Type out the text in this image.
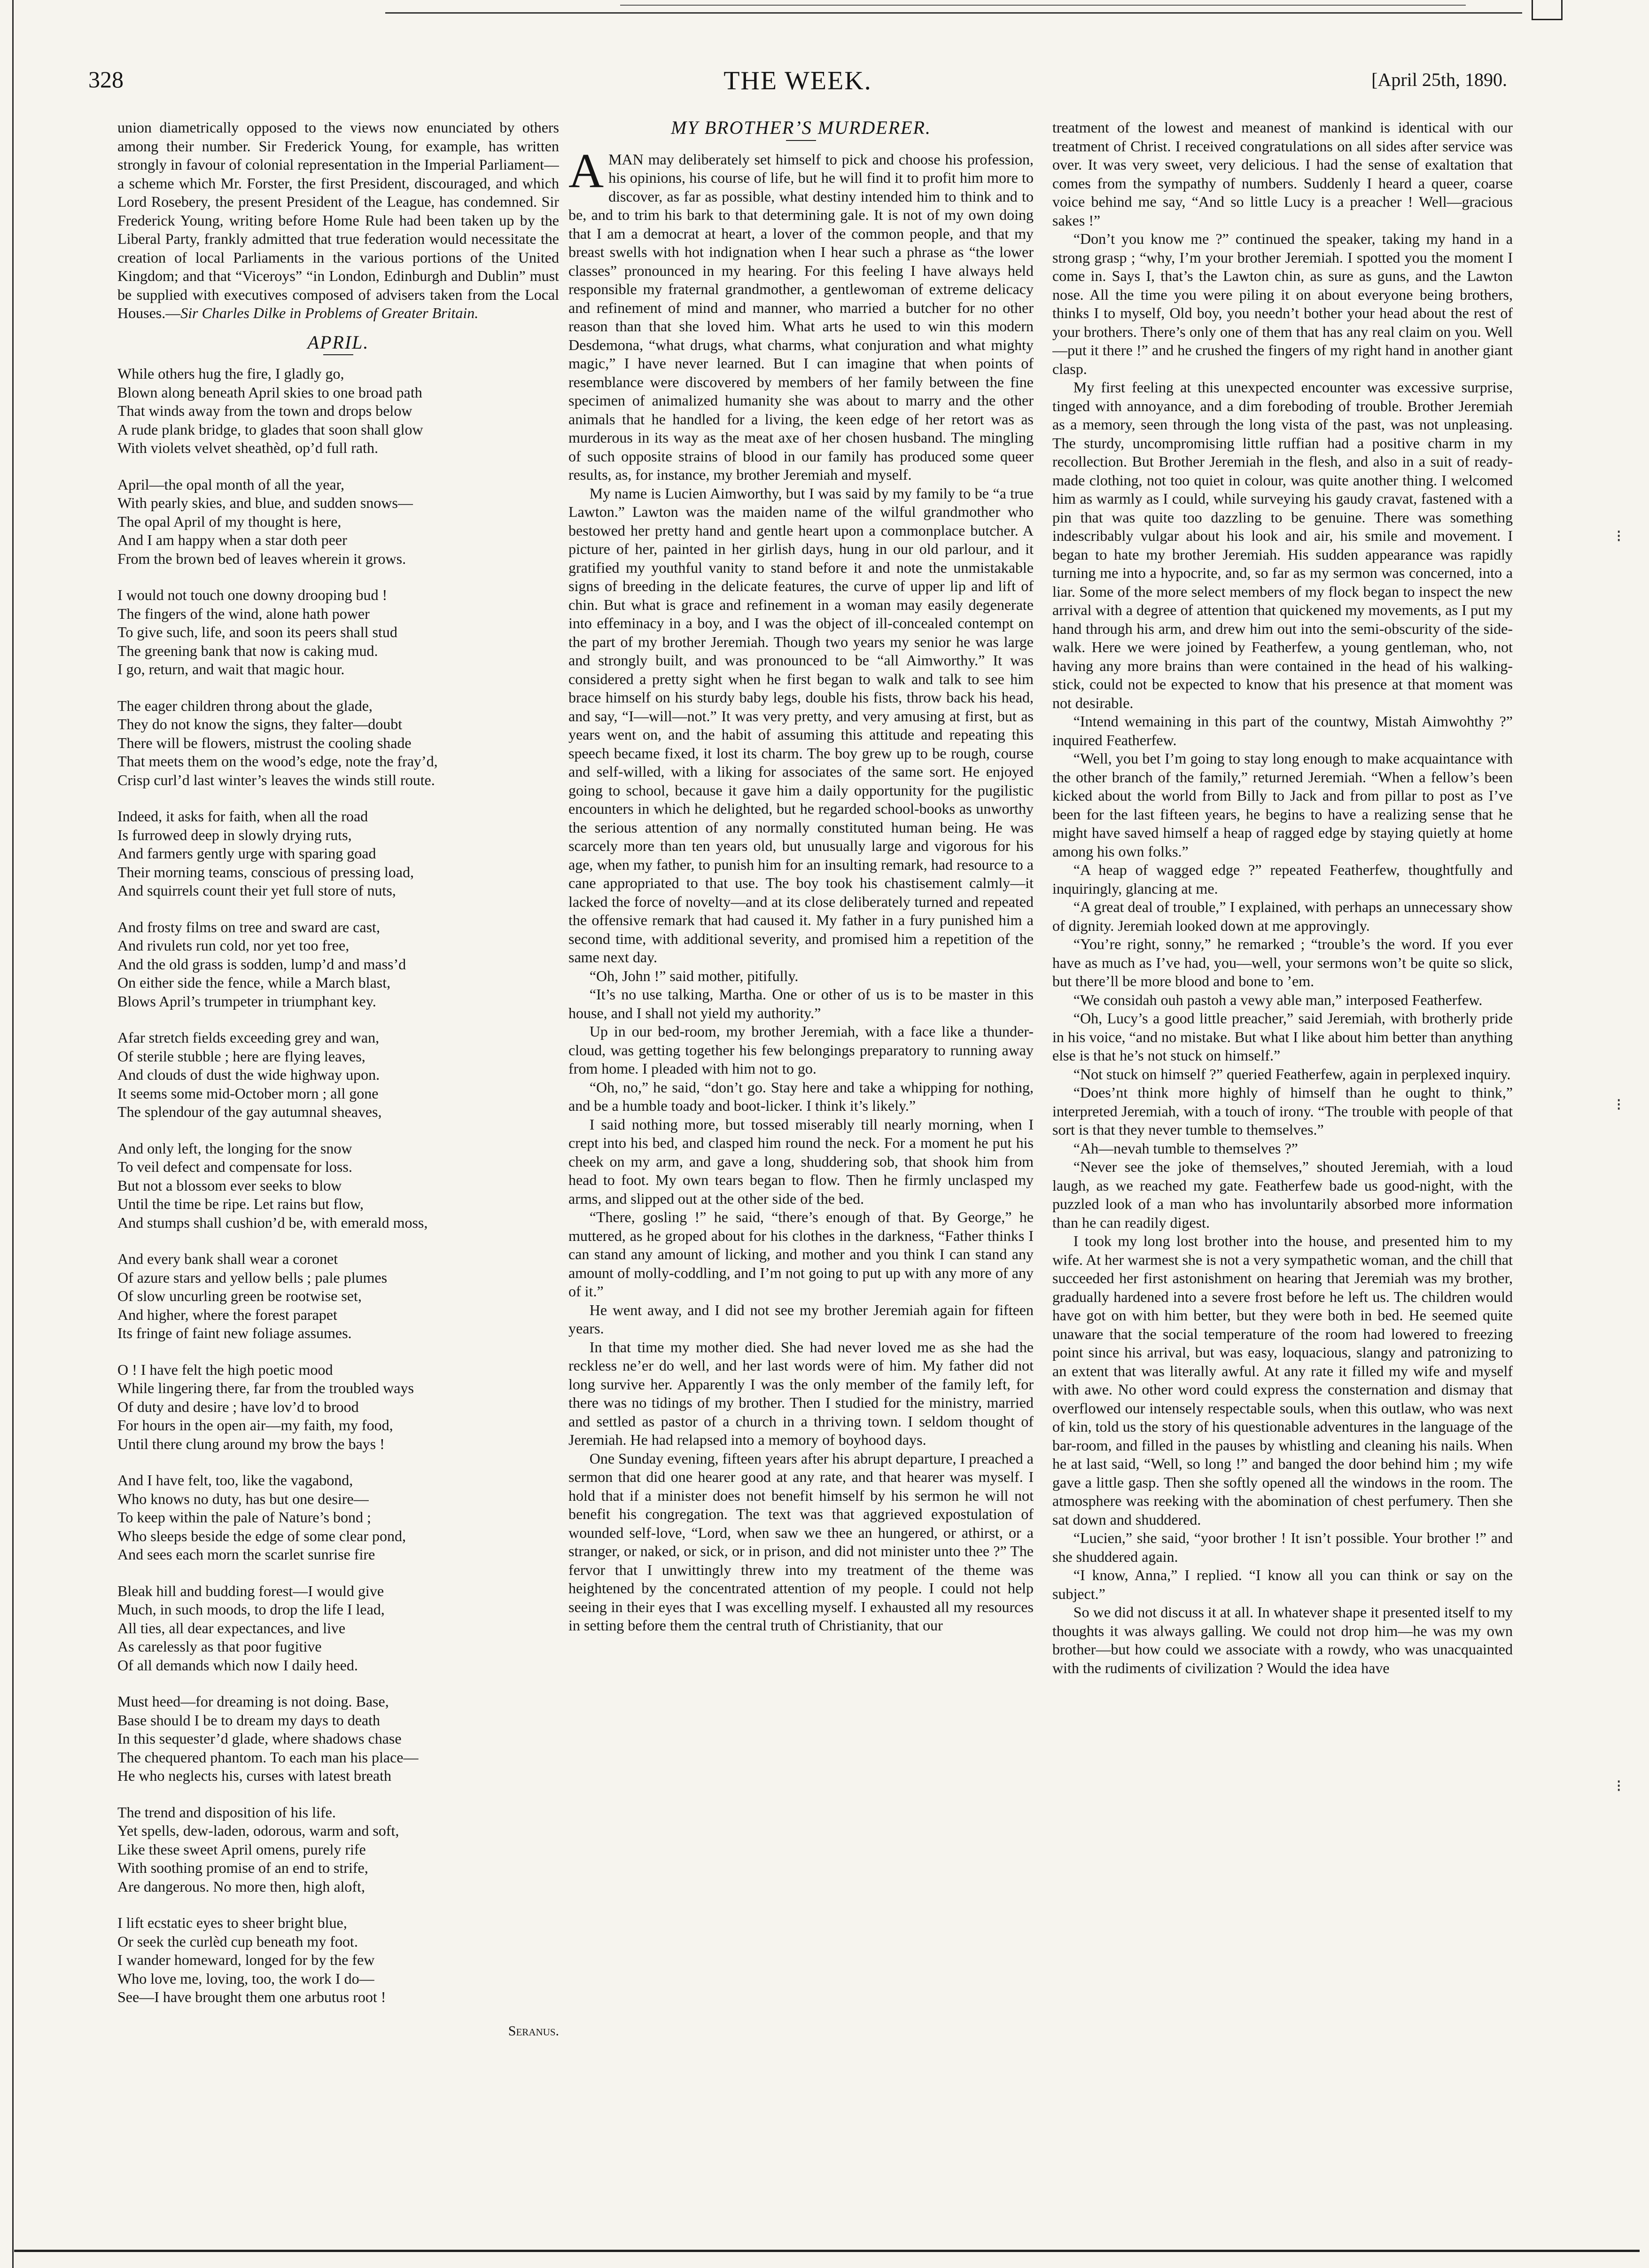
⁝
⁝
⁝
328	THE WEEK.	[April 25th, 1890.

union diametrically opposed to the views now enunciated by others among their number. Sir Frederick Young, for example, has written strongly in favour of colonial representation in the Imperial Parliament—a scheme which Mr. Forster, the first President, discouraged, and which Lord Rosebery, the present President of the League, has condemned. Sir Frederick Young, writing before Home Rule had been taken up by the Liberal Party, frankly admitted that true federation would necessitate the creation of local Parliaments in the various portions of the United Kingdom; and that “Viceroys” “in London, Edinburgh and Dublin” must be supplied with executives composed of advisers taken from the Local Houses.—Sir Charles Dilke in Problems of Greater Britain.

APRIL.
While others hug the fire, I gladly go,
Blown along beneath April skies to one broad path
That winds away from the town and drops below
A rude plank bridge, to glades that soon shall glow
With violets velvet sheathèd, op’d full rath.
April—the opal month of all the year,
With pearly skies, and blue, and sudden snows—
The opal April of my thought is here,
And I am happy when a star doth peer
From the brown bed of leaves wherein it grows.
I would not touch one downy drooping bud !
The fingers of the wind, alone hath power
To give such, life, and soon its peers shall stud
The greening bank that now is caking mud.
I go, return, and wait that magic hour.
The eager children throng about the glade,
They do not know the signs, they falter—doubt
There will be flowers, mistrust the cooling shade
That meets them on the wood’s edge, note the fray’d,
Crisp curl’d last winter’s leaves the winds still route.
Indeed, it asks for faith, when all the road
Is furrowed deep in slowly drying ruts,
And farmers gently urge with sparing goad
Their morning teams, conscious of pressing load,
And squirrels count their yet full store of nuts,
And frosty films on tree and sward are cast,
And rivulets run cold, nor yet too free,
And the old grass is sodden, lump’d and mass’d
On either side the fence, while a March blast,
Blows April’s trumpeter in triumphant key.
Afar stretch fields exceeding grey and wan,
Of sterile stubble ; here are flying leaves,
And clouds of dust the wide highway upon.
It seems some mid-October morn ; all gone
The splendour of the gay autumnal sheaves,
And only left, the longing for the snow
To veil defect and compensate for loss.
But not a blossom ever seeks to blow
Until the time be ripe. Let rains but flow,
And stumps shall cushion’d be, with emerald moss,
And every bank shall wear a coronet
Of azure stars and yellow bells ; pale plumes
Of slow uncurling green be rootwise set,
And higher, where the forest parapet
Its fringe of faint new foliage assumes.
O ! I have felt the high poetic mood
While lingering there, far from the troubled ways
Of duty and desire ; have lov’d to brood
For hours in the open air—my faith, my food,
Until there clung around my brow the bays !
And I have felt, too, like the vagabond,
Who knows no duty, has but one desire—
To keep within the pale of Nature’s bond ;
Who sleeps beside the edge of some clear pond,
And sees each morn the scarlet sunrise fire
Bleak hill and budding forest—I would give
Much, in such moods, to drop the life I lead,
All ties, all dear expectances, and live
As carelessly as that poor fugitive
Of all demands which now I daily heed.
Must heed—for dreaming is not doing. Base,
Base should I be to dream my days to death
In this sequester’d glade, where shadows chase
The chequered phantom. To each man his place—
He who neglects his, curses with latest breath
The trend and disposition of his life.
Yet spells, dew-laden, odorous, warm and soft,
Like these sweet April omens, purely rife
With soothing promise of an end to strife,
Are dangerous. No more then, high aloft,
I lift ecstatic eyes to sheer bright blue,
Or seek the curlèd cup beneath my foot.
I wander homeward, longed for by the few
Who love me, loving, too, the work I do—
See—I have brought them one arbutus root !
Seranus.
MY BROTHER’S MURDERER.

A MAN may deliberately set himself to pick and choose his profession, his opinions, his course of life, but he will find it to profit him more to discover, as far as possible, what destiny intended him to think and to be, and to trim his bark to that determining gale. It is not of my own doing that I am a democrat at heart, a lover of the common people, and that my breast swells with hot indignation when I hear such a phrase as “the lower classes” pronounced in my hearing. For this feeling I have always held responsible my fraternal grandmother, a gentlewoman of extreme delicacy and refinement of mind and manner, who married a butcher for no other reason than that she loved him. What arts he used to win this modern Desdemona, “what drugs, what charms, what conjuration and what mighty magic,” I have never learned. But I can imagine that when points of resemblance were discovered by members of her family between the fine specimen of animalized humanity she was about to marry and the other animals that he handled for a living, the keen edge of her retort was as murderous in its way as the meat axe of her chosen husband. The mingling of such opposite strains of blood in our family has produced some queer results, as, for instance, my brother Jeremiah and myself.

My name is Lucien Aimworthy, but I was said by my family to be “a true Lawton.” Lawton was the maiden name of the wilful grandmother who bestowed her pretty hand and gentle heart upon a commonplace butcher. A picture of her, painted in her girlish days, hung in our old parlour, and it gratified my youthful vanity to stand before it and note the unmistakable signs of breeding in the delicate features, the curve of upper lip and lift of chin. But what is grace and refinement in a woman may easily degenerate into effeminacy in a boy, and I was the object of ill-concealed contempt on the part of my brother Jeremiah. Though two years my senior he was large and strongly built, and was pronounced to be “all Aimworthy.” It was considered a pretty sight when he first began to walk and talk to see him brace himself on his sturdy baby legs, double his fists, throw back his head, and say, “I—will—not.” It was very pretty, and very amusing at first, but as years went on, and the habit of assuming this attitude and repeating this speech became fixed, it lost its charm. The boy grew up to be rough, course and self-willed, with a liking for associates of the same sort. He enjoyed going to school, because it gave him a daily opportunity for the pugilistic encounters in which he delighted, but he regarded school-books as unworthy the serious attention of any normally constituted human being. He was scarcely more than ten years old, but unusually large and vigorous for his age, when my father, to punish him for an insulting remark, had resource to a cane appropriated to that use. The boy took his chastisement calmly—it lacked the force of novelty—and at its close deliberately turned and repeated the offensive remark that had caused it. My father in a fury punished him a second time, with additional severity, and promised him a repetition of the same next day.

“Oh, John !” said mother, pitifully.

“It’s no use talking, Martha. One or other of us is to be master in this house, and I shall not yield my authority.”

Up in our bed-room, my brother Jeremiah, with a face like a thunder-cloud, was getting together his few belongings preparatory to running away from home. I pleaded with him not to go.

“Oh, no,” he said, “don’t go. Stay here and take a whipping for nothing, and be a humble toady and boot-licker. I think it’s likely.”

I said nothing more, but tossed miserably till nearly morning, when I crept into his bed, and clasped him round the neck. For a moment he put his cheek on my arm, and gave a long, shuddering sob, that shook him from head to foot. My own tears began to flow. Then he firmly unclasped my arms, and slipped out at the other side of the bed.

“There, gosling !” he said, “there’s enough of that. By George,” he muttered, as he groped about for his clothes in the darkness, “Father thinks I can stand any amount of licking, and mother and you think I can stand any amount of molly-coddling, and I’m not going to put up with any more of any of it.”

He went away, and I did not see my brother Jeremiah again for fifteen years.

In that time my mother died. She had never loved me as she had the reckless ne’er do well, and her last words were of him. My father did not long survive her. Apparently I was the only member of the family left, for there was no tidings of my brother. Then I studied for the ministry, married and settled as pastor of a church in a thriving town. I seldom thought of Jeremiah. He had relapsed into a memory of boyhood days.

One Sunday evening, fifteen years after his abrupt departure, I preached a sermon that did one hearer good at any rate, and that hearer was myself. I hold that if a minister does not benefit himself by his sermon he will not benefit his congregation. The text was that aggrieved expostulation of wounded self-love, “Lord, when saw we thee an hungered, or athirst, or a stranger, or naked, or sick, or in prison, and did not minister unto thee ?” The fervor that I unwittingly threw into my treatment of the theme was heightened by the concentrated attention of my people. I could not help seeing in their eyes that I was excelling myself. I exhausted all my resources in setting before them the central truth of Christianity, that our

treatment of the lowest and meanest of mankind is identical with our treatment of Christ. I received congratulations on all sides after service was over. It was very sweet, very delicious. I had the sense of exaltation that comes from the sympathy of numbers. Suddenly I heard a queer, coarse voice behind me say, “And so little Lucy is a preacher ! Well—gracious sakes !”

“Don’t you know me ?” continued the speaker, taking my hand in a strong grasp ; “why, I’m your brother Jeremiah. I spotted you the moment I come in. Says I, that’s the Lawton chin, as sure as guns, and the Lawton nose. All the time you were piling it on about everyone being brothers, thinks I to myself, Old boy, you needn’t bother your head about the rest of your brothers. There’s only one of them that has any real claim on you. Well—put it there !” and he crushed the fingers of my right hand in another giant clasp.

My first feeling at this unexpected encounter was excessive surprise, tinged with annoyance, and a dim foreboding of trouble. Brother Jeremiah as a memory, seen through the long vista of the past, was not unpleasing. The sturdy, uncompromising little ruffian had a positive charm in my recollection. But Brother Jeremiah in the flesh, and also in a suit of ready-made clothing, not too quiet in colour, was quite another thing. I welcomed him as warmly as I could, while surveying his gaudy cravat, fastened with a pin that was quite too dazzling to be genuine. There was something indescribably vulgar about his look and air, his smile and movement. I began to hate my brother Jeremiah. His sudden appearance was rapidly turning me into a hypocrite, and, so far as my sermon was concerned, into a liar. Some of the more select members of my flock began to inspect the new arrival with a degree of attention that quickened my movements, as I put my hand through his arm, and drew him out into the semi-obscurity of the side-walk. Here we were joined by Featherfew, a young gentleman, who, not having any more brains than were contained in the head of his walking-stick, could not be expected to know that his presence at that moment was not desirable.

“Intend wemaining in this part of the countwy, Mistah Aimwohthy ?” inquired Featherfew.

“Well, you bet I’m going to stay long enough to make acquaintance with the other branch of the family,” returned Jeremiah. “When a fellow’s been kicked about the world from Billy to Jack and from pillar to post as I’ve been for the last fifteen years, he begins to have a realizing sense that he might have saved himself a heap of ragged edge by staying quietly at home among his own folks.”

“A heap of wagged edge ?” repeated Featherfew, thoughtfully and inquiringly, glancing at me.

“A great deal of trouble,” I explained, with perhaps an unnecessary show of dignity. Jeremiah looked down at me approvingly.

“You’re right, sonny,” he remarked ; “trouble’s the word. If you ever have as much as I’ve had, you—well, your sermons won’t be quite so slick, but there’ll be more blood and bone to ’em.

“We considah ouh pastoh a vewy able man,” interposed Featherfew.

“Oh, Lucy’s a good little preacher,” said Jeremiah, with brotherly pride in his voice, “and no mistake. But what I like about him better than anything else is that he’s not stuck on himself.”

“Not stuck on himself ?” queried Featherfew, again in perplexed inquiry.

“Does’nt think more highly of himself than he ought to think,” interpreted Jeremiah, with a touch of irony. “The trouble with people of that sort is that they never tumble to themselves.”

“Ah—nevah tumble to themselves ?”

“Never see the joke of themselves,” shouted Jeremiah, with a loud laugh, as we reached my gate. Featherfew bade us good-night, with the puzzled look of a man who has involuntarily absorbed more information than he can readily digest.

I took my long lost brother into the house, and presented him to my wife. At her warmest she is not a very sympathetic woman, and the chill that succeeded her first astonishment on hearing that Jeremiah was my brother, gradually hardened into a severe frost before he left us. The children would have got on with him better, but they were both in bed. He seemed quite unaware that the social temperature of the room had lowered to freezing point since his arrival, but was easy, loquacious, slangy and patronizing to an extent that was literally awful. At any rate it filled my wife and myself with awe. No other word could express the consternation and dismay that overflowed our intensely respectable souls, when this outlaw, who was next of kin, told us the story of his questionable adventures in the language of the bar-room, and filled in the pauses by whistling and cleaning his nails. When he at last said, “Well, so long !” and banged the door behind him ; my wife gave a little gasp. Then she softly opened all the windows in the room. The atmosphere was reeking with the abomination of chest perfumery. Then she sat down and shuddered.

“Lucien,” she said, “yoor brother ! It isn’t possible. Your brother !” and she shuddered again.

“I know, Anna,” I replied. “I know all you can think or say on the subject.”

So we did not discuss it at all. In whatever shape it presented itself to my thoughts it was always galling. We could not drop him—he was my own brother—but how could we associate with a rowdy, who was unacquainted with the rudiments of civilization ? Would the idea have
